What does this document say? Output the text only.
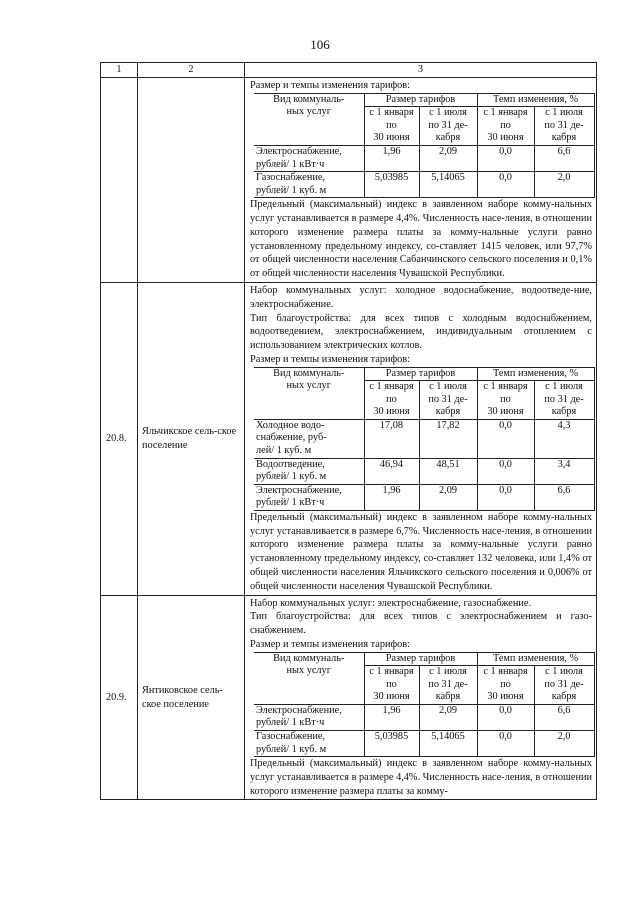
106
1	2	3

Размер и темпы изменения тарифов:

Вид коммуналь-
ных услуг	Размер тарифов	Темп изменения, %
с 1 января
по
30 июня	с 1 июля
по 31 де-
кабря	с 1 января
по
30 июня	с 1 июля
по 31 де-
кабря
Электроснабжение,
рублей/ 1 кВт·ч	1,96	2,09	0,0	6,6
Газоснабжение,
рублей/ 1 куб. м	5,03985	5,14065	0,0	2,0

Предельный (максимальный) индекс в заявленном наборе комму-нальных услуг устанавливается в размере 4,4%. Численность насе-ления, в отношении которого изменение размера платы за комму-нальные услуги равно установленному предельному индексу, со-ставляет 1415 человек, или 97,7% от общей численности населения Сабанчинского сельского поселения и 0,1% от общей численности населения Чувашской Республики.

20.8.	Яльчикское сель-ское поселение	

Набор коммунальных услуг: холодное водоснабжение, водоотведе-ние, электроснабжение.

Тип благоустройства: для всех типов с холодным водоснабжением, водоотведением, электроснабжением, индивидуальным отоплением с использованием электрических котлов.

Размер и темпы изменения тарифов:

Вид коммуналь-
ных услуг	Размер тарифов	Темп изменения, %
с 1 января
по
30 июня	с 1 июля
по 31 де-
кабря	с 1 января
по
30 июня	с 1 июля
по 31 де-
кабря
Холодное водо-
снабжение, руб-
лей/ 1 куб. м	17,08	17,82	0,0	4,3
Водоотведение,
рублей/ 1 куб. м	46,94	48,51	0,0	3,4
Электроснабжение,
рублей/ 1 кВт·ч	1,96	2,09	0,0	6,6

Предельный (максимальный) индекс в заявленном наборе комму-нальных услуг устанавливается в размере 6,7%. Численность насе-ления, в отношении которого изменение размера платы за комму-нальные услуги равно установленному предельному индексу, со-ставляет 132 человека, или 1,4% от общей численности населения Яльчикского сельского поселения и 0,006% от общей численности населения Чувашской Республики.

20.9.	Янтиковское сель-ское поселение	

Набор коммунальных услуг: электроснабжение, газоснабжение.

Тип благоустройства: для всех типов с электроснабжением и газо-снабжением.

Размер и темпы изменения тарифов:

Вид коммуналь-
ных услуг	Размер тарифов	Темп изменения, %
с 1 января
по
30 июня	с 1 июля
по 31 де-
кабря	с 1 января
по
30 июня	с 1 июля
по 31 де-
кабря
Электроснабжение,
рублей/ 1 кВт·ч	1,96	2,09	0,0	6,6
Газоснабжение,
рублей/ 1 куб. м	5,03985	5,14065	0,0	2,0

Предельный (максимальный) индекс в заявленном наборе комму-нальных услуг устанавливается в размере 4,4%. Численность насе-ления, в отношении которого изменение размера платы за комму-
